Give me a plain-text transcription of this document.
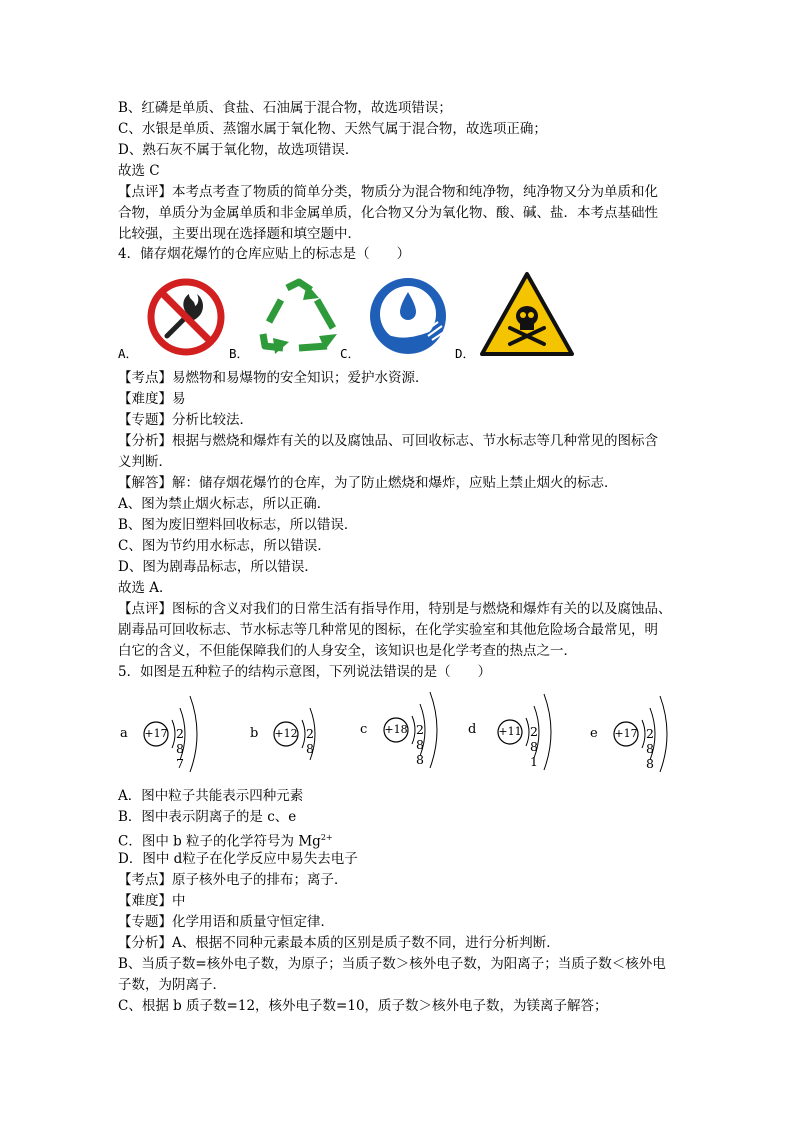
B、红磷是单质、食盐、石油属于混合物，故选项错误；
C、水银是单质、蒸馏水属于氧化物、天然气属于混合物，故选项正确；
D、熟石灰不属于氧化物，故选项错误．
故选 C
【点评】本考点考查了物质的简单分类，物质分为混合物和纯净物，纯净物又分为单质和化
合物，单质分为金属单质和非金属单质，化合物又分为氧化物、酸、碱、盐．本考点基础性
比较强，主要出现在选择题和填空题中．
4．储存烟花爆竹的仓库应贴上的标志是（　　）
A．	B．	C．	D．
【考点】易燃物和易爆物的安全知识；爱护水资源．
【难度】易
【专题】分析比较法．
【分析】根据与燃烧和爆炸有关的以及腐蚀品、可回收标志、节水标志等几种常见的图标含
义判断．
【解答】解：储存烟花爆竹的仓库，为了防止燃烧和爆炸，应贴上禁止烟火的标志．
A、图为禁止烟火标志，所以正确．
B、图为废旧塑料回收标志，所以错误．
C、图为节约用水标志，所以错误．
D、图为剧毒品标志，所以错误．
故选 A．
【点评】图标的含义对我们的日常生活有指导作用，特别是与燃烧和爆炸有关的以及腐蚀品、
剧毒品可回收标志、节水标志等几种常见的图标，在化学实验室和其他危险场合最常见，明
白它的含义，不但能保障我们的人身安全，该知识也是化学考查的热点之一．
5．如图是五种粒子的结构示意图，下列说法错误的是（　　）
a +17 2 8 7
b +12 2 8
c +18 2 8 8
d +11 2 8 1
e +17 2 8 8
A．图中粒子共能表示四种元素
B．图中表示阴离子的是 c、e
C．图中 b 粒子的化学符号为 $Mg^{2+}$
D．图中 d粒子在化学反应中易失去电子
【考点】原子核外电子的排布；离子．
【难度】中
【专题】化学用语和质量守恒定律．
【分析】A、根据不同种元素最本质的区别是质子数不同，进行分析判断．
B、当质子数=核外电子数，为原子；当质子数＞核外电子数，为阳离子；当质子数＜核外电
子数，为阴离子．
C、根据 b 质子数=12，核外电子数=10，质子数＞核外电子数，为镁离子解答；
